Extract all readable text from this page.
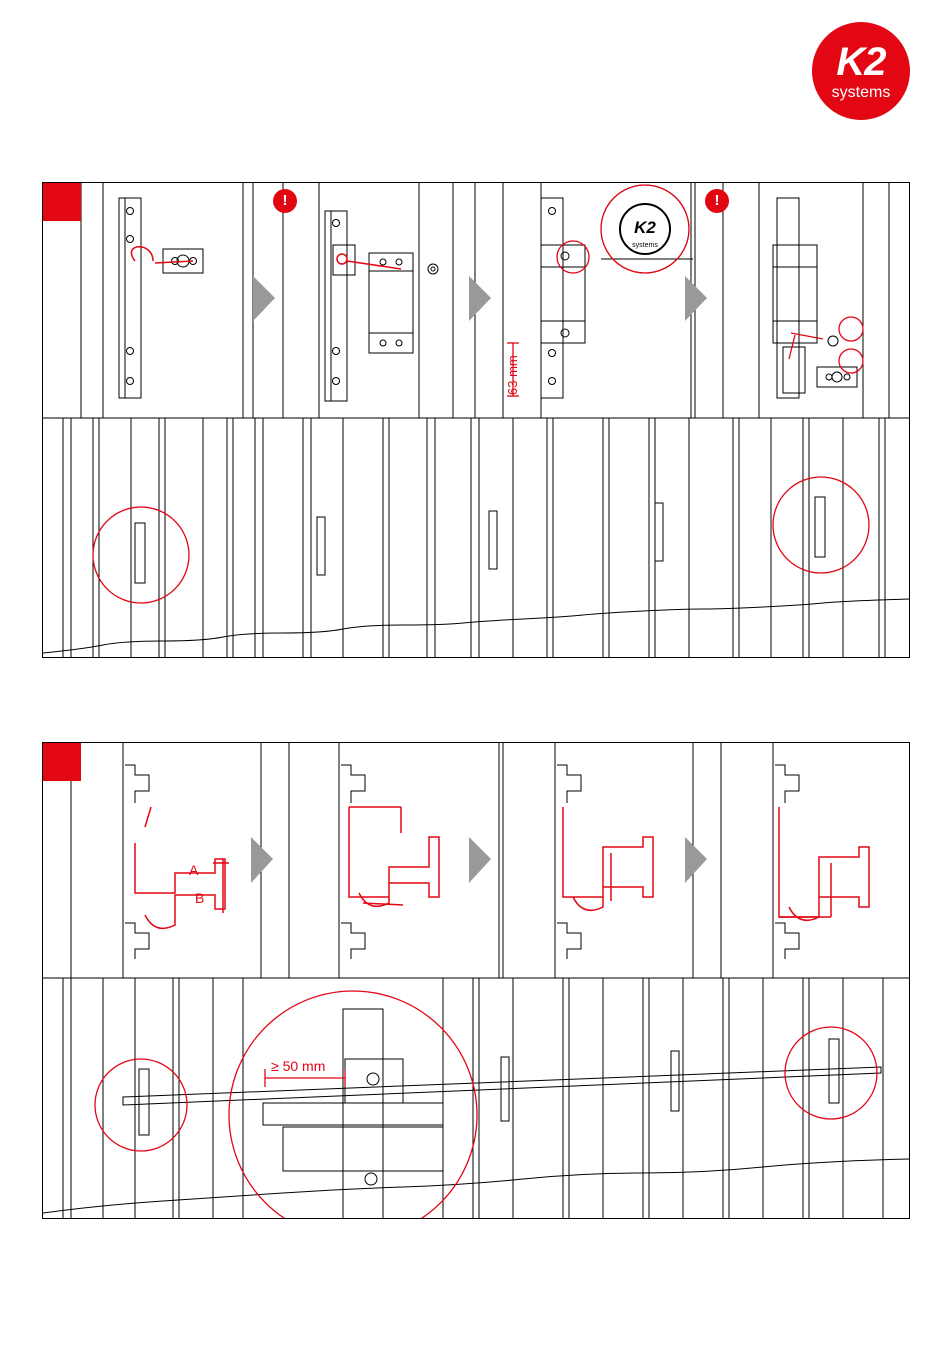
K2
systems
K2
systems
63 mm
!	!
A
B
≥ 50 mm
